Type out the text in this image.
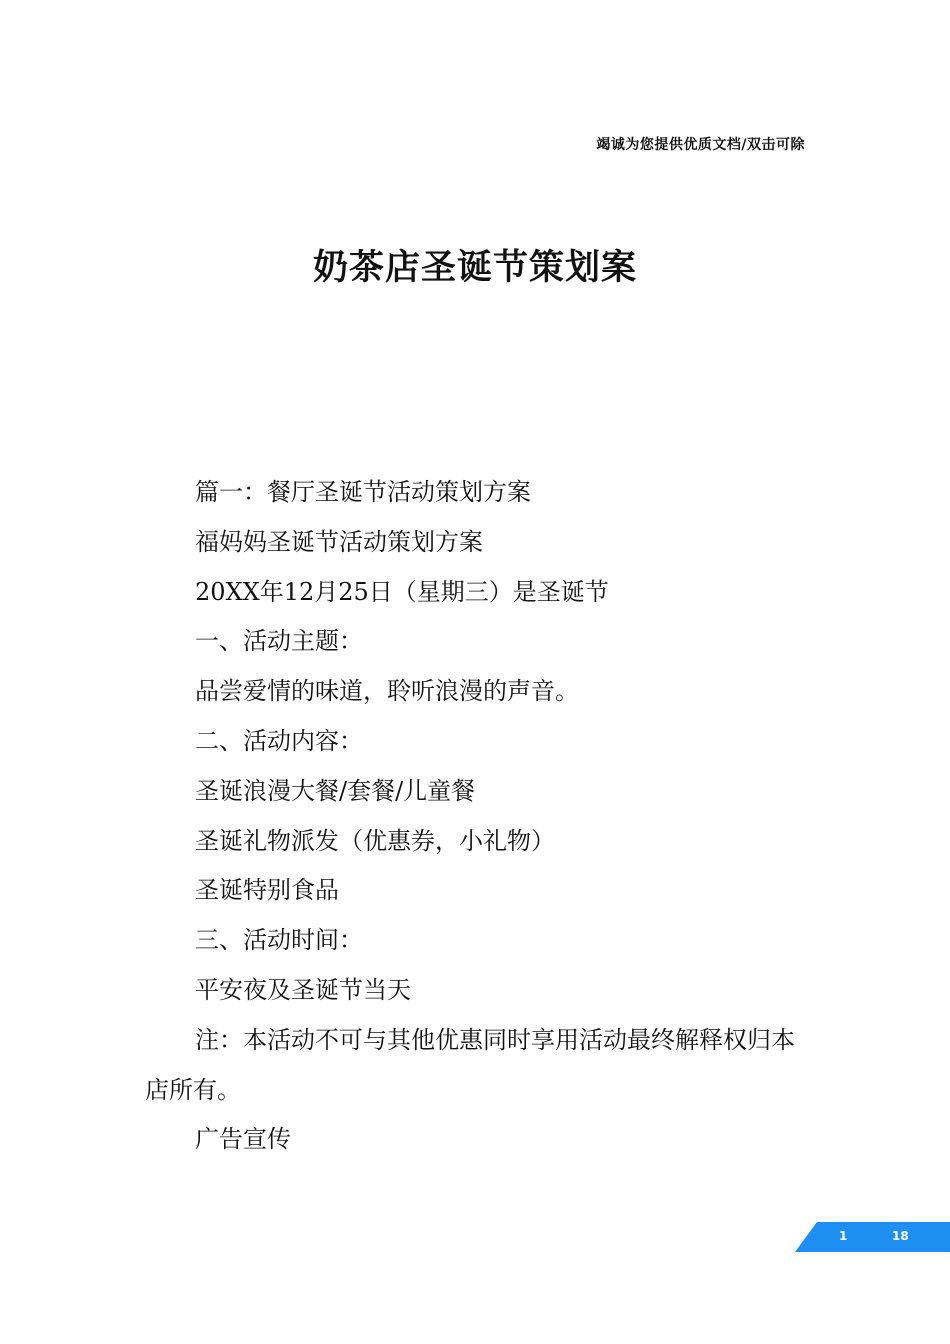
竭诚为您提供优质文档/双击可除
奶茶店圣诞节策划案

篇一：餐厅圣诞节活动策划方案

福妈妈圣诞节活动策划方案

20XX年12月25日（星期三）是圣诞节

一、活动主题：

品尝爱情的味道，聆听浪漫的声音。

二、活动内容：

圣诞浪漫大餐/套餐/儿童餐

圣诞礼物派发（优惠券，小礼物）

圣诞特别食品

三、活动时间：

平安夜及圣诞节当天

注：本活动不可与其他优惠同时享用活动最终解释权归本店所有。

广告宣传

1	18
